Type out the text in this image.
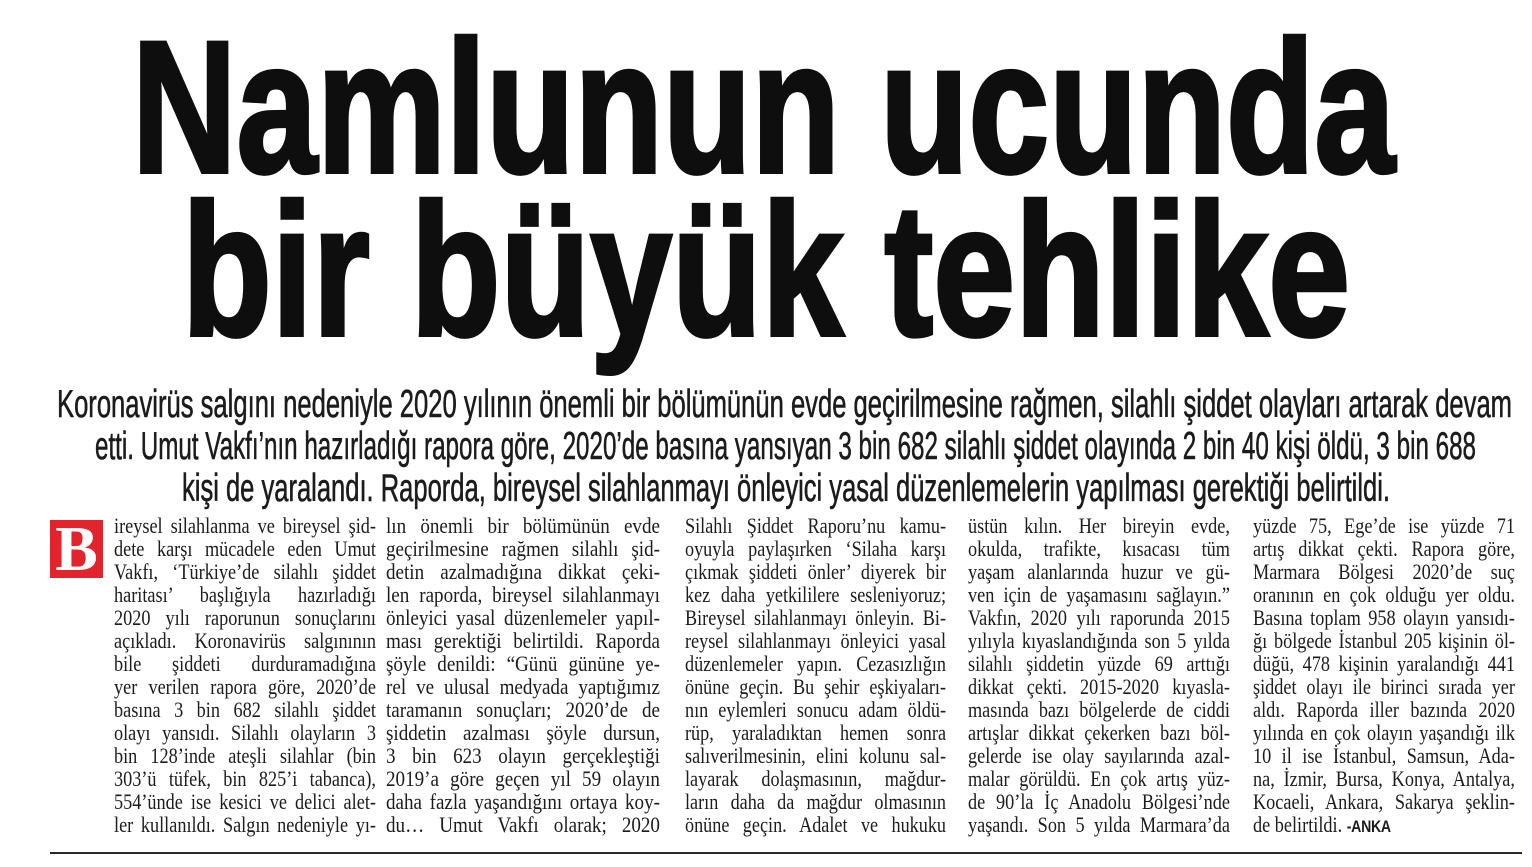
Namlunun ucunda
bir büyük tehlike
Koronavirüs salgını nedeniyle 2020 yılının önemli bir bölümünün evde geçirilmesine rağmen, silahlı şiddet olayları artarak devam
etti. Umut Vakfı’nın hazırladığı rapora göre, 2020’de basına yansıyan 3 bin 682 silahlı şiddet olayında 2 bin 40 kişi öldü, 3 bin 688
kişi de yaralandı. Raporda, bireysel silahlanmayı önleyici yasal düzenlemelerin yapılması gerektiği belirtildi.
B ireysel silahlanma ve bireysel şid-
dete karşı mücadele eden Umut
Vakfı, ‘Türkiye’de silahlı şiddet
haritası’ başlığıyla hazırladığı
2020 yılı raporunun sonuçlarını
açıkladı. Koronavirüs salgınının
bile şiddeti durduramadığına
yer verilen rapora göre, 2020’de
basına 3 bin 682 silahlı şiddet
olayı yansıdı. Silahlı olayların 3
bin 128’inde ateşli silahlar (bin
303’ü tüfek, bin 825’i tabanca),
554’ünde ise kesici ve delici alet-
ler kullanıldı. Salgın nedeniyle yı-
lın önemli bir bölümünün evde
geçirilmesine rağmen silahlı şid-
detin azalmadığına dikkat çeki-
len raporda, bireysel silahlanmayı
önleyici yasal düzenlemeler yapıl-
ması gerektiği belirtildi. Raporda
şöyle denildi: “Günü gününe ye-
rel ve ulusal medyada yaptığımız
taramanın sonuçları; 2020’de de
şiddetin azalması şöyle dursun,
3 bin 623 olayın gerçekleştiği
2019’a göre geçen yıl 59 olayın
daha fazla yaşandığını ortaya koy-
du… Umut Vakfı olarak; 2020
Silahlı Şiddet Raporu’nu kamu-
oyuyla paylaşırken ‘Silaha karşı
çıkmak şiddeti önler’ diyerek bir
kez daha yetkililere sesleniyoruz;
Bireysel silahlanmayı önleyin. Bi-
reysel silahlanmayı önleyici yasal
düzenlemeler yapın. Cezasızlığın
önüne geçin. Bu şehir eşkiyaları-
nın eylemleri sonucu adam öldü-
rüp, yaraladıktan hemen sonra
salıverilmesinin, elini kolunu sal-
layarak dolaşmasının, mağdur-
ların daha da mağdur olmasının
önüne geçin. Adalet ve hukuku
üstün kılın. Her bireyin evde,
okulda, trafikte, kısacası tüm
yaşam alanlarında huzur ve gü-
ven için de yaşamasını sağlayın.”
Vakfın, 2020 yılı raporunda 2015
yılıyla kıyaslandığında son 5 yılda
silahlı şiddetin yüzde 69 arttığı
dikkat çekti. 2015-2020 kıyasla-
masında bazı bölgelerde de ciddi
artışlar dikkat çekerken bazı böl-
gelerde ise olay sayılarında azal-
malar görüldü. En çok artış yüz-
de 90’la İç Anadolu Bölgesi’nde
yaşandı. Son 5 yılda Marmara’da
yüzde 75, Ege’de ise yüzde 71
artış dikkat çekti. Rapora göre,
Marmara Bölgesi 2020’de suç
oranının en çok olduğu yer oldu.
Basına toplam 958 olayın yansıdı-
ğı bölgede İstanbul 205 kişinin öl-
düğü, 478 kişinin yaralandığı 441
şiddet olayı ile birinci sırada yer
aldı. Raporda iller bazında 2020
yılında en çok olayın yaşandığı ilk
10 il ise İstanbul, Samsun, Ada-
na, İzmir, Bursa, Konya, Antalya,
Kocaeli, Ankara, Sakarya şeklin-
de belirtildi. -ANKA
